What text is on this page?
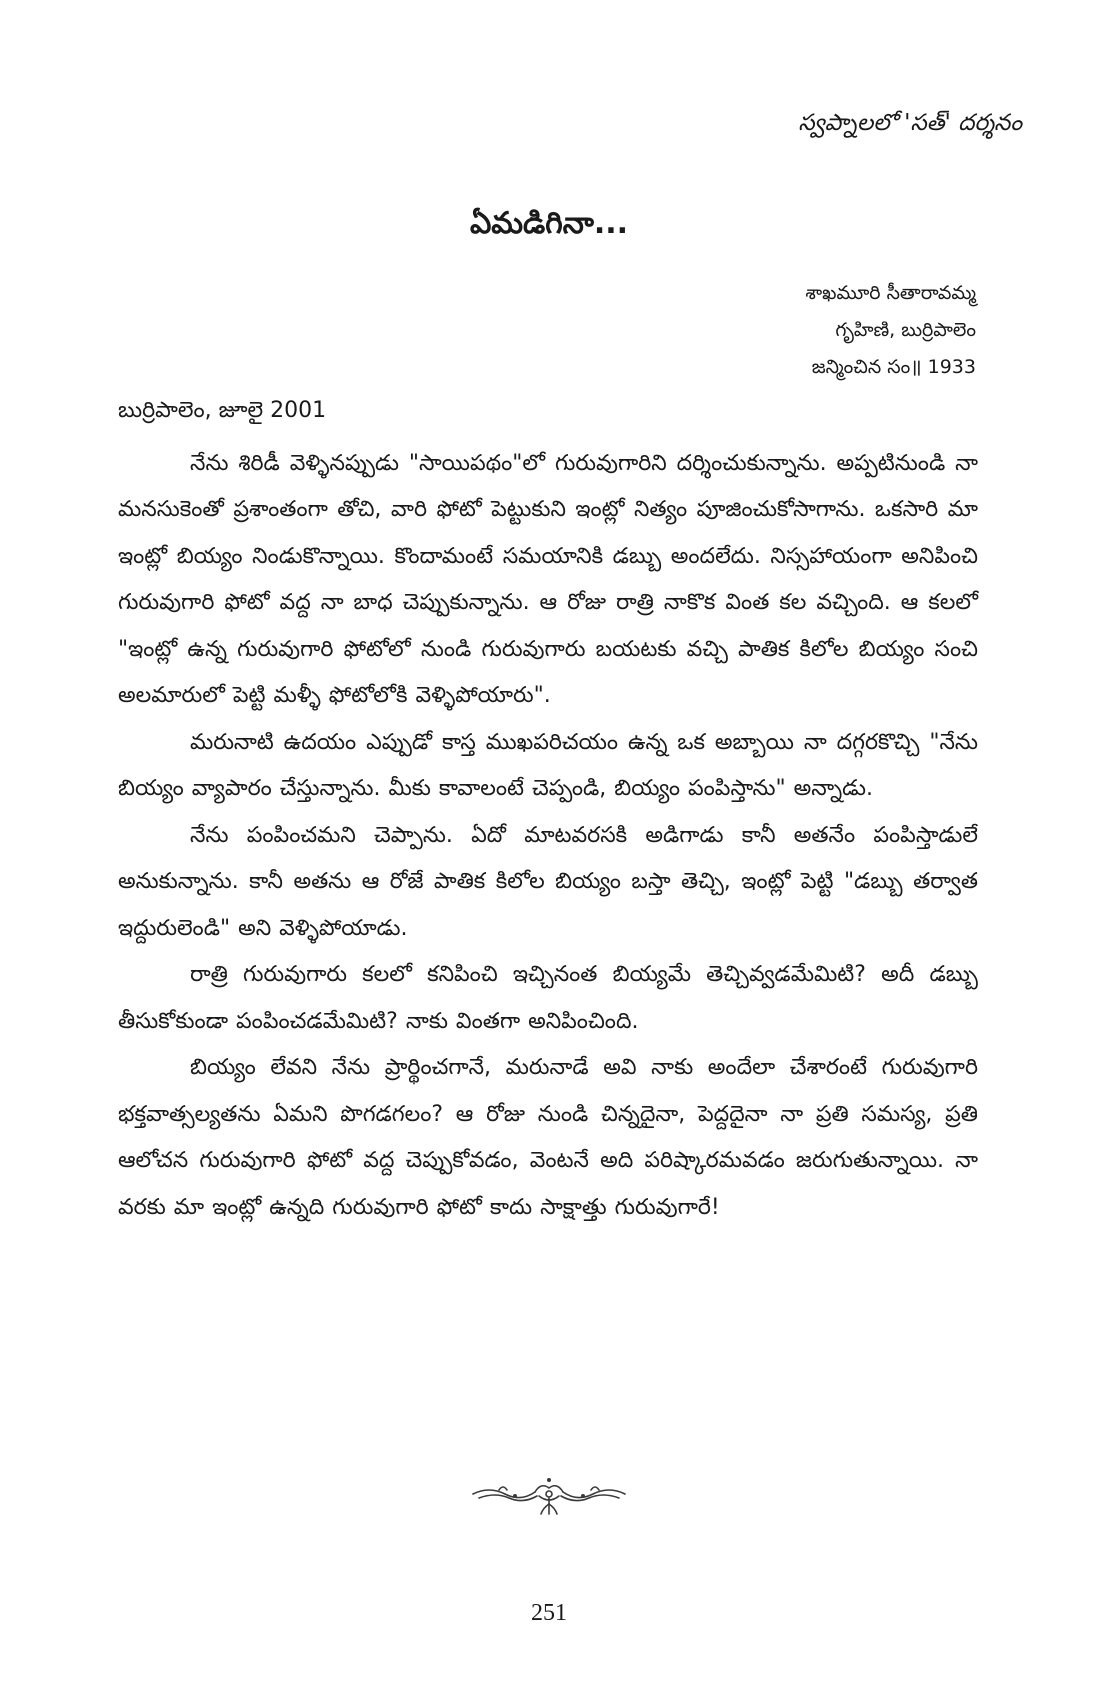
స్వప్నాలలో 'సత్' దర్శనం
ఏమడిగినా...
శాఖమూరి సీతారావమ్మ
గృహిణి, బుర్రిపాలెం
జన్మించిన సం॥ 1933

బుర్రిపాలెం, జూలై 2001

నేను శిరిడీ వెళ్ళినప్పుడు "సాయిపథం"లో గురువుగారిని దర్శించుకున్నాను. అప్పటినుండి నా మనసుకెంతో ప్రశాంతంగా తోచి, వారి ఫోటో పెట్టుకుని ఇంట్లో నిత్యం పూజించుకోసాగాను. ఒకసారి మా ఇంట్లో బియ్యం నిండుకొన్నాయి. కొందామంటే సమయానికి డబ్బు అందలేదు. నిస్సహాయంగా అనిపించి గురువుగారి ఫోటో వద్ద నా బాధ చెప్పుకున్నాను. ఆ రోజు రాత్రి నాకొక వింత కల వచ్చింది. ఆ కలలో "ఇంట్లో ఉన్న గురువుగారి ఫోటోలో నుండి గురువుగారు బయటకు వచ్చి పాతిక కిలోల బియ్యం సంచి అలమారులో పెట్టి మళ్ళీ ఫోటోలోకి వెళ్ళిపోయారు".

మరునాటి ఉదయం ఎప్పుడో కాస్త ముఖపరిచయం ఉన్న ఒక అబ్బాయి నా దగ్గరకొచ్చి "నేను బియ్యం వ్యాపారం చేస్తున్నాను. మీకు కావాలంటే చెప్పండి, బియ్యం పంపిస్తాను" అన్నాడు.

నేను పంపించమని చెప్పాను. ఏదో మాటవరసకి అడిగాడు కానీ అతనేం పంపిస్తాడులే అనుకున్నాను. కానీ అతను ఆ రోజే పాతిక కిలోల బియ్యం బస్తా తెచ్చి, ఇంట్లో పెట్టి "డబ్బు తర్వాత ఇద్దురులెండి" అని వెళ్ళిపోయాడు.

రాత్రి గురువుగారు కలలో కనిపించి ఇచ్చినంత బియ్యమే తెచ్చివ్వడమేమిటి? అదీ డబ్బు తీసుకోకుండా పంపించడమేమిటి? నాకు వింతగా అనిపించింది.

బియ్యం లేవని నేను ప్రార్థించగానే, మరునాడే అవి నాకు అందేలా చేశారంటే గురువుగారి భక్తవాత్సల్యతను ఏమని పొగడగలం? ఆ రోజు నుండి చిన్నదైనా, పెద్దదైనా నా ప్రతి సమస్య, ప్రతి ఆలోచన గురువుగారి ఫోటో వద్ద చెప్పుకోవడం, వెంటనే అది పరిష్కారమవడం జరుగుతున్నాయి. నా వరకు మా ఇంట్లో ఉన్నది గురువుగారి ఫోటో కాదు సాక్షాత్తు గురువుగారే!

251
